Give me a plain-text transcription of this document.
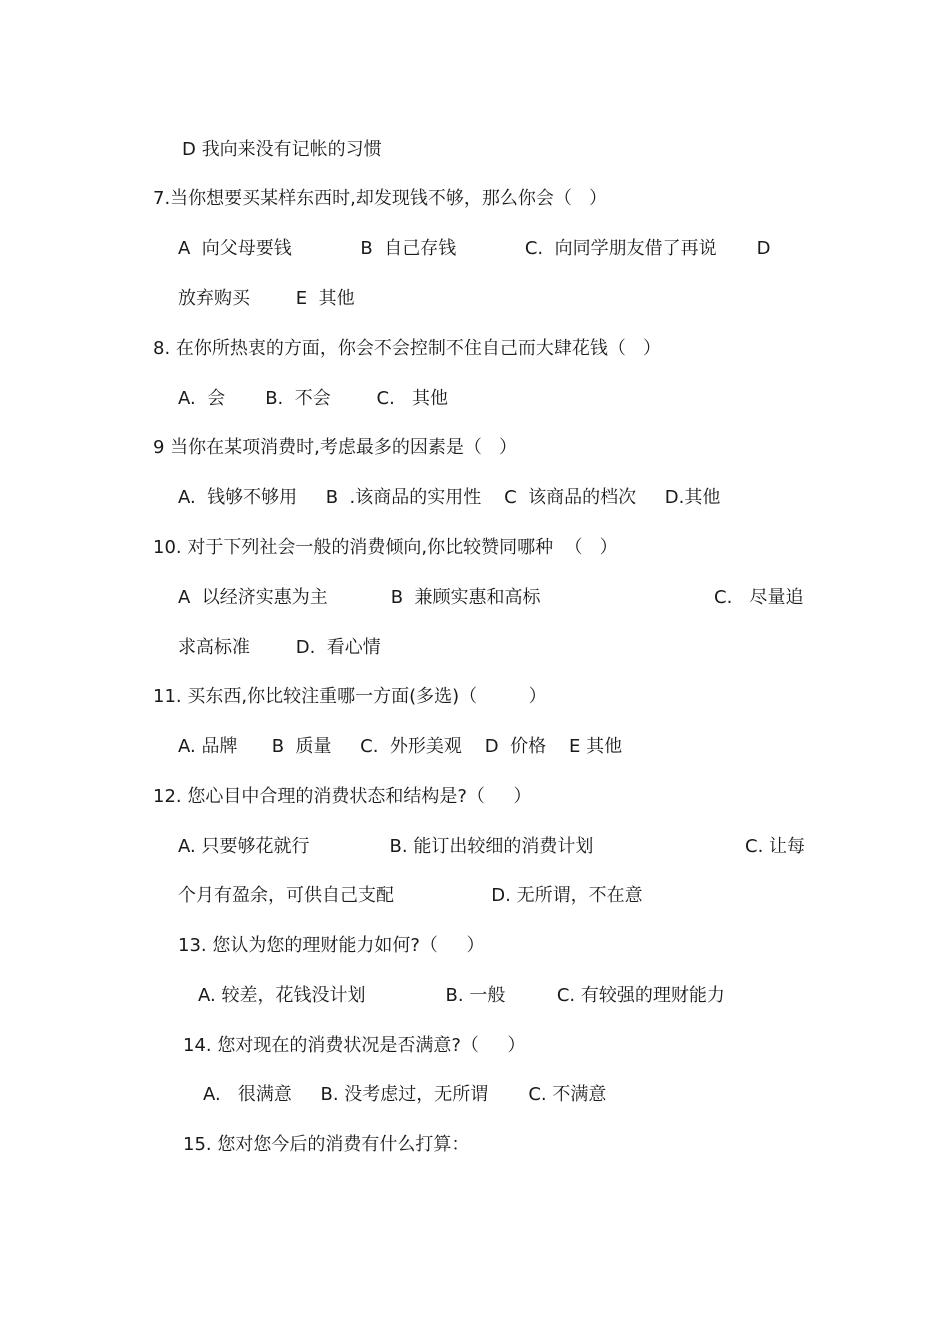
D 我向来没有记帐的习惯
7.当你想要买某样东西时,却发现钱不够，那么你会（   ）
A  向父母要钱            B  自己存钱            C.  向同学朋友借了再说       D
放弃购买        E  其他
8. 在你所热衷的方面，你会不会控制不住自己而大肆花钱（   ）
A.  会       B.  不会        C.   其他
9 当你在某项消费时,考虑最多的因素是（   ）
A.  钱够不够用     B  .该商品的实用性    C  该商品的档次     D.其他
10. 对于下列社会一般的消费倾向,你比较赞同哪种  （   ）
A  以经济实惠为主           B  兼顾实惠和高标	C.   尽量追
求高标准        D.  看心情
11. 买东西,你比较注重哪一方面(多选)（         ）
A. 品牌      B  质量     C.  外形美观    D  价格    E 其他
12. 您心目中合理的消费状态和结构是?（     ）
A. 只要够花就行              B. 能订出较细的消费计划	C. 让每
个月有盈余，可供自己支配                 D. 无所谓，不在意
13. 您认为您的理财能力如何?（     ）
A. 较差，花钱没计划              B. 一般         C. 有较强的理财能力
14. 您对现在的消费状况是否满意?（     ）
A.   很满意     B. 没考虑过，无所谓       C. 不满意
15. 您对您今后的消费有什么打算：
